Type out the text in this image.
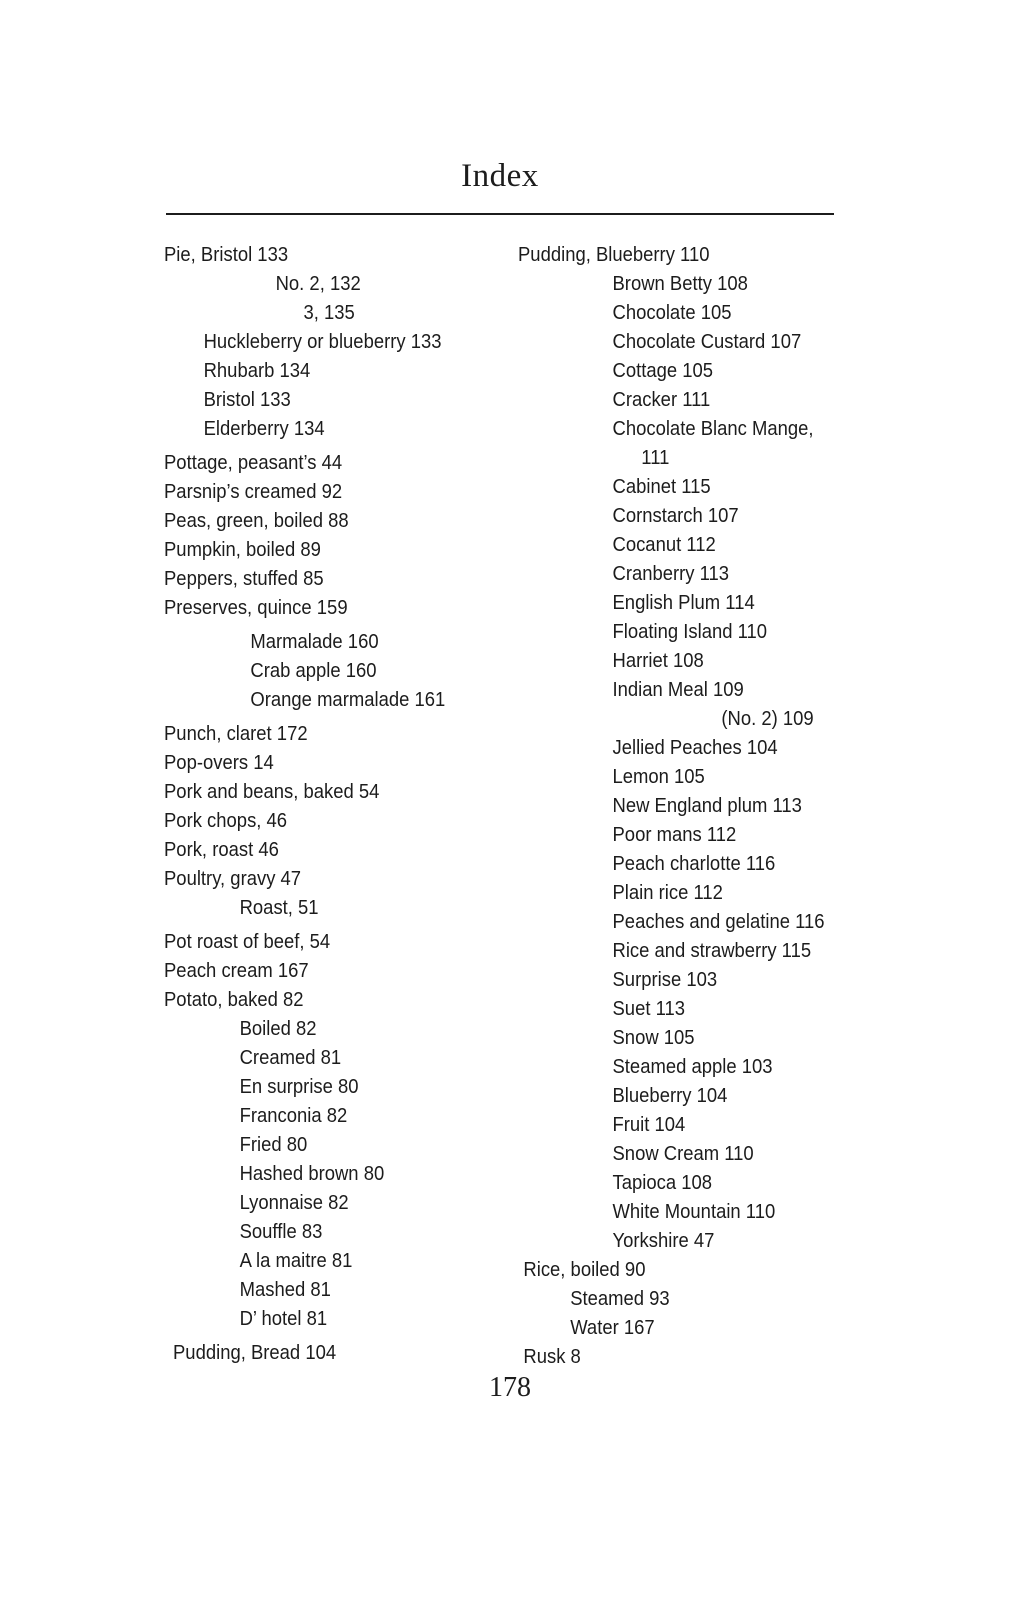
Index
Pie, Bristol 133
No. 2, 132
3, 135
Huckleberry or blueberry 133
Rhubarb 134
Bristol 133
Elderberry 134
Pottage, peasant’s 44
Parsnip’s creamed 92
Peas, green, boiled 88
Pumpkin, boiled 89
Peppers, stuffed 85
Preserves, quince 159
Marmalade 160
Crab apple 160
Orange marmalade 161
Punch, claret 172
Pop-overs 14
Pork and beans, baked 54
Pork chops, 46
Pork, roast 46
Poultry, gravy 47
Roast, 51
Pot roast of beef, 54
Peach cream 167
Potato, baked 82
Boiled 82
Creamed 81
En surprise 80
Franconia 82
Fried 80
Hashed brown 80
Lyonnaise 82
Souffle 83
A la maitre 81
Mashed 81
D’ hotel 81
Pudding, Bread 104
Pudding, Blueberry 110
Brown Betty 108
Chocolate 105
Chocolate Custard 107
Cottage 105
Cracker 111
Chocolate Blanc Mange,
111
Cabinet 115
Cornstarch 107
Cocanut 112
Cranberry 113
English Plum 114
Floating Island 110
Harriet 108
Indian Meal 109
(No. 2) 109
Jellied Peaches 104
Lemon 105
New England plum 113
Poor mans 112
Peach charlotte 116
Plain rice 112
Peaches and gelatine 116
Rice and strawberry 115
Surprise 103
Suet 113
Snow 105
Steamed apple 103
Blueberry 104
Fruit 104
Snow Cream 110
Tapioca 108
White Mountain 110
Yorkshire 47
Rice, boiled 90
Steamed 93
Water 167
Rusk 8
178
